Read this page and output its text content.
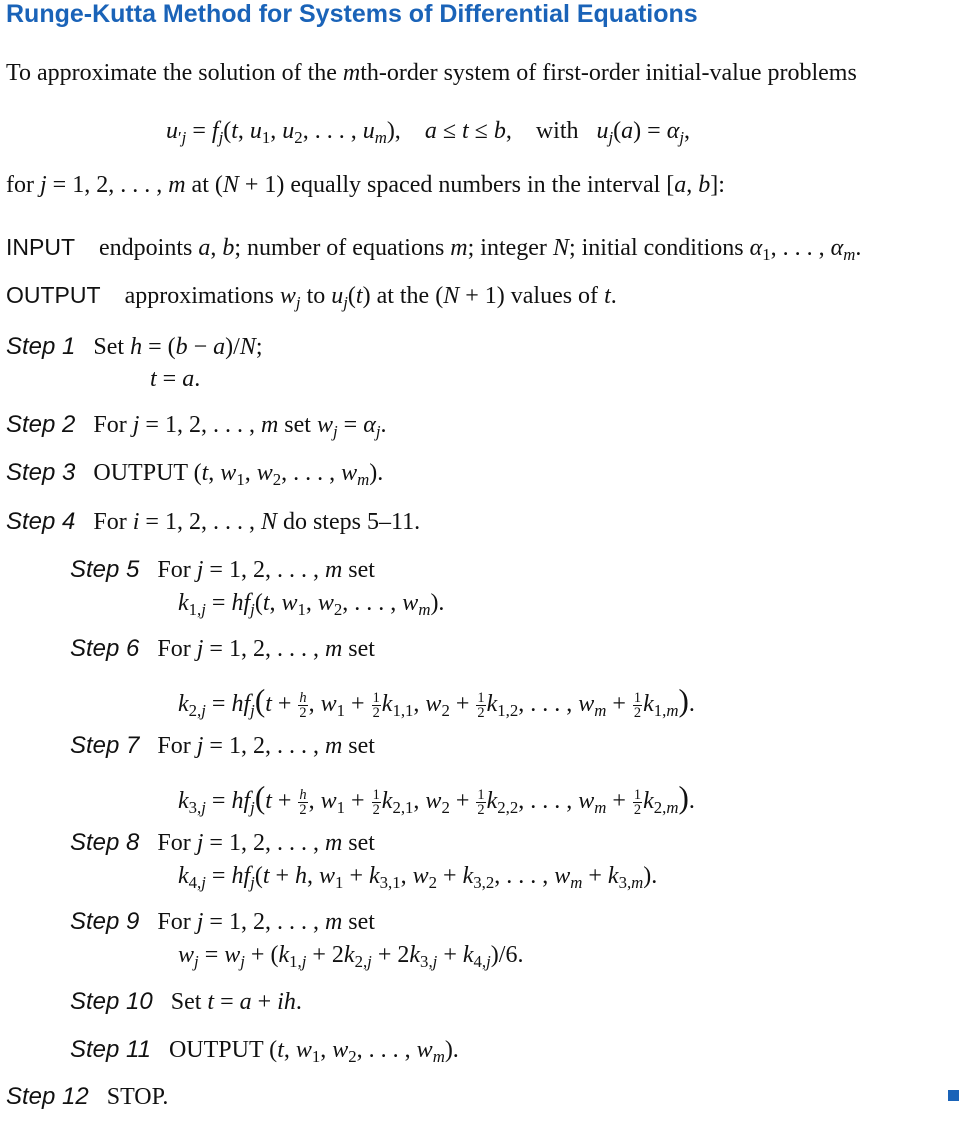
Runge-Kutta Method for Systems of Differential Equations
To approximate the solution of the mth-order system of first-order initial-value problems
$u_{'j} = f_j(t$, $u_1$, $u_2$, . . . , $u_m$),    a ≤ t ≤ b,    with   $u_j(a) = \alpha_j$,
for j = 1, 2, . . . , m at (N + 1) equally spaced numbers in the interval [a, b]:
INPUT    endpoints a, b; number of equations m; integer N; initial conditions $\alpha_1$, . . . , $\alpha_m$.
OUTPUT    approximations $w_j$ to $u_j(t)$ at the (N + 1) values of t.
Step 1   Set h = (b − a)/N;
t = a.
Step 2   For j = 1, 2, . . . , m set $w_j = \alpha_j$.
Step 3   OUTPUT (t, $w_1$, $w_2$, . . . , $w_m$).
Step 4   For i = 1, 2, . . . , N do steps 5–11.
Step 5   For j = 1, 2, . . . , m set
$k_{1,j} = hf_j(t$, $w_1$, $w_2$, . . . , $w_m$).
Step 6   For j = 1, 2, . . . , m set
$k_{2,j} = hf_j(t + \frac{h}{2}$ , $w_1 + \frac{1}{2} k_{1,1}$, $w_2 + \frac{1}{2} k_{1,2}$, . . . , $w_m + \frac{1}{2} k_{1,m}$).
Step 7   For j = 1, 2, . . . , m set
$k_{3,j} = hf_j(t + \frac{h}{2}$ , $w_1 + \frac{1}{2} k_{2,1}$, $w_2 + \frac{1}{2} k_{2,2}$, . . . , $w_m + \frac{1}{2} k_{2,m}$).
Step 8   For j = 1, 2, . . . , m set
$k_{4,j} = hf_j(t + h$, $w_1 + k_{3,1}$, $w_2 + k_{3,2}$, . . . , $w_m + k_{3,m}$).
Step 9   For j = 1, 2, . . . , m set
$w_j = w_j + (k_{1,j} + 2k_{2,j} + 2k_{3,j} + k_{4,j})/6$.
Step 10   Set t = a + ih.
Step 11   OUTPUT (t, $w_1$, $w_2$, . . . , $w_m$).
Step 12 STOP.
